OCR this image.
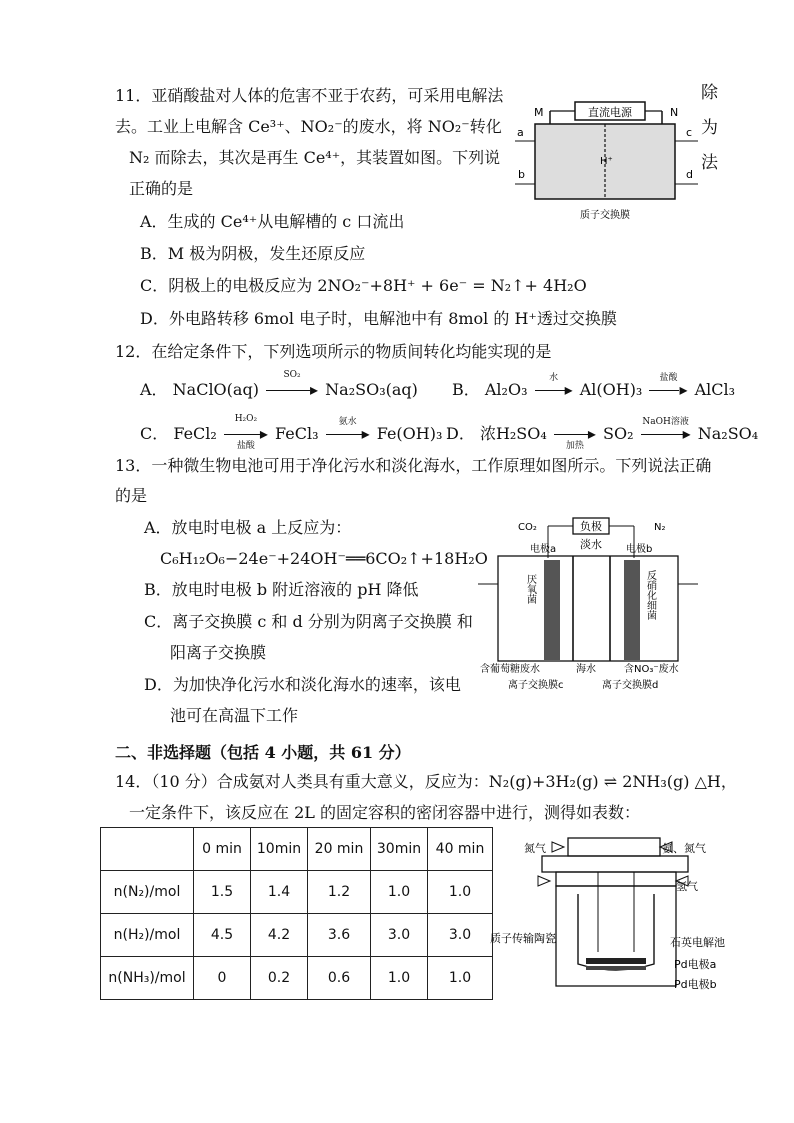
11．亚硝酸盐对人体的危害不亚于农药，可采用电解法
去。工业上电解含 Ce³⁺、NO₂⁻的废水，将 NO₂⁻转化
N₂ 而除去，其次是再生 Ce⁴⁺，其装置如图。下列说
正确的是
除
为
法
A．生成的 Ce⁴⁺从电解槽的 c 口流出
B．M 极为阴极，发生还原反应
C．阴极上的电极反应为 2NO₂⁻+8H⁺ + 6e⁻ = N₂↑+ 4H₂O
D．外电路转移 6mol 电子时，电解池中有 8mol 的 H⁺透过交换膜
直流电源
M	N
H⁺
a
b
c
d
质子交换膜
12．在给定条件下，下列选项所示的物质间转化均能实现的是
A． NaClO(aq)
SO₂
▸ Na₂SO₃(aq) B． Al₂O₃
水
▸ Al(OH)₃
盐酸
▸ AlCl₃
C． FeCl₂
H₂O₂
▸
盐酸
FeCl₃
氨水
▸ Fe(OH)₃ D． 浓H₂SO₄	▸
加热
SO₂
NaOH溶液
▸ Na₂SO₄
13．一种微生物电池可用于净化污水和淡化海水，工作原理如图所示。下列说法正确
的是
A．放电时电极 a 上反应为：
C₆H₁₂O₆−24e⁻+24OH⁻══6CO₂↑+18H₂O
B．放电时电极 b 附近溶液的 pH 降低
C．离子交换膜 c 和 d 分别为阴离子交换膜 和
阳离子交换膜
D．为加快净化污水和淡化海水的速率，该电
池可在高温下工作
负极
淡水
CO₂	N₂
电极a	电极b
厌氧菌	反硝化细菌
含葡萄糖废水	海水	含NO₃⁻废水
离子交换膜c	离子交换膜d
二、非选择题（包括 4 小题，共 61 分）
14．（10 分）合成氨对人类具有重大意义，反应为：N₂(g)+3H₂(g) ⇌ 2NH₃(g) △H，
一定条件下，该反应在 2L 的固定容积的密闭容器中进行，测得如表数：
	0 min	10min	20 min	30min	40 min
n(N₂)/mol	1.5	1.4	1.2	1.0	1.0
n(H₂)/mol	4.5	4.2	3.6	3.0	3.0
n(NH₃)/mol	0	0.2	0.6	1.0	1.0
氮气	氨、氮气
氢气
质子传输陶瓷	石英电解池
Pd电极a
Pd电极b
